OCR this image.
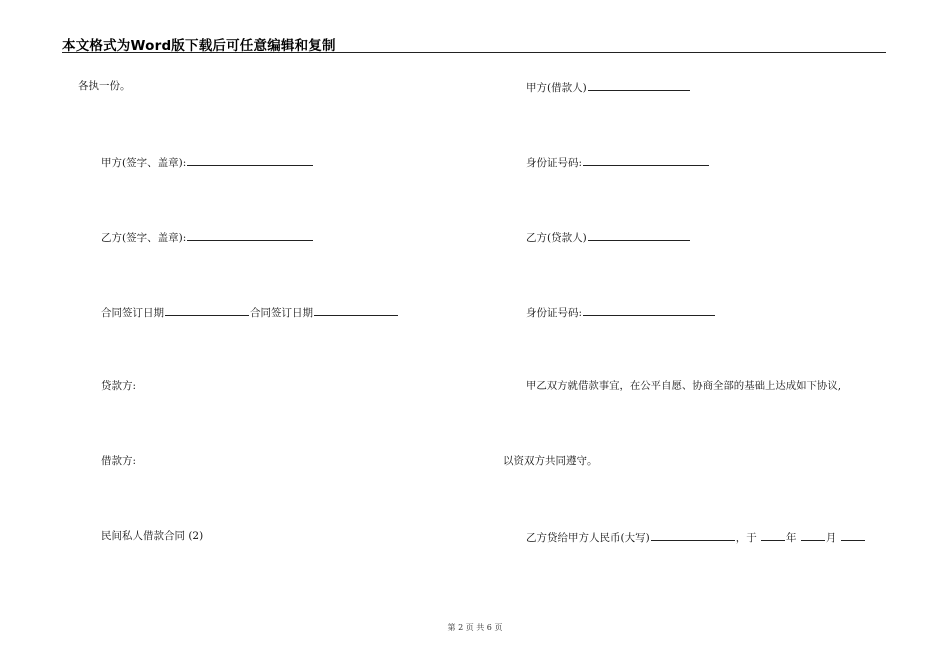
本文格式为Word版下载后可任意编辑和复制
各执一份。
甲方(签字、盖章):
乙方(签字、盖章):
合同签订日期	合同签订日期
贷款方:
借款方:
民间私人借款合同 (2)
甲方(借款人)
身份证号码:
乙方(贷款人)
身份证号码:
甲乙双方就借款事宜，在公平自愿、协商全部的基础上达成如下协议,
以资双方共同遵守。
乙方贷给甲方人民币(大写)	，于	年	月
第 2 页 共 6 页
